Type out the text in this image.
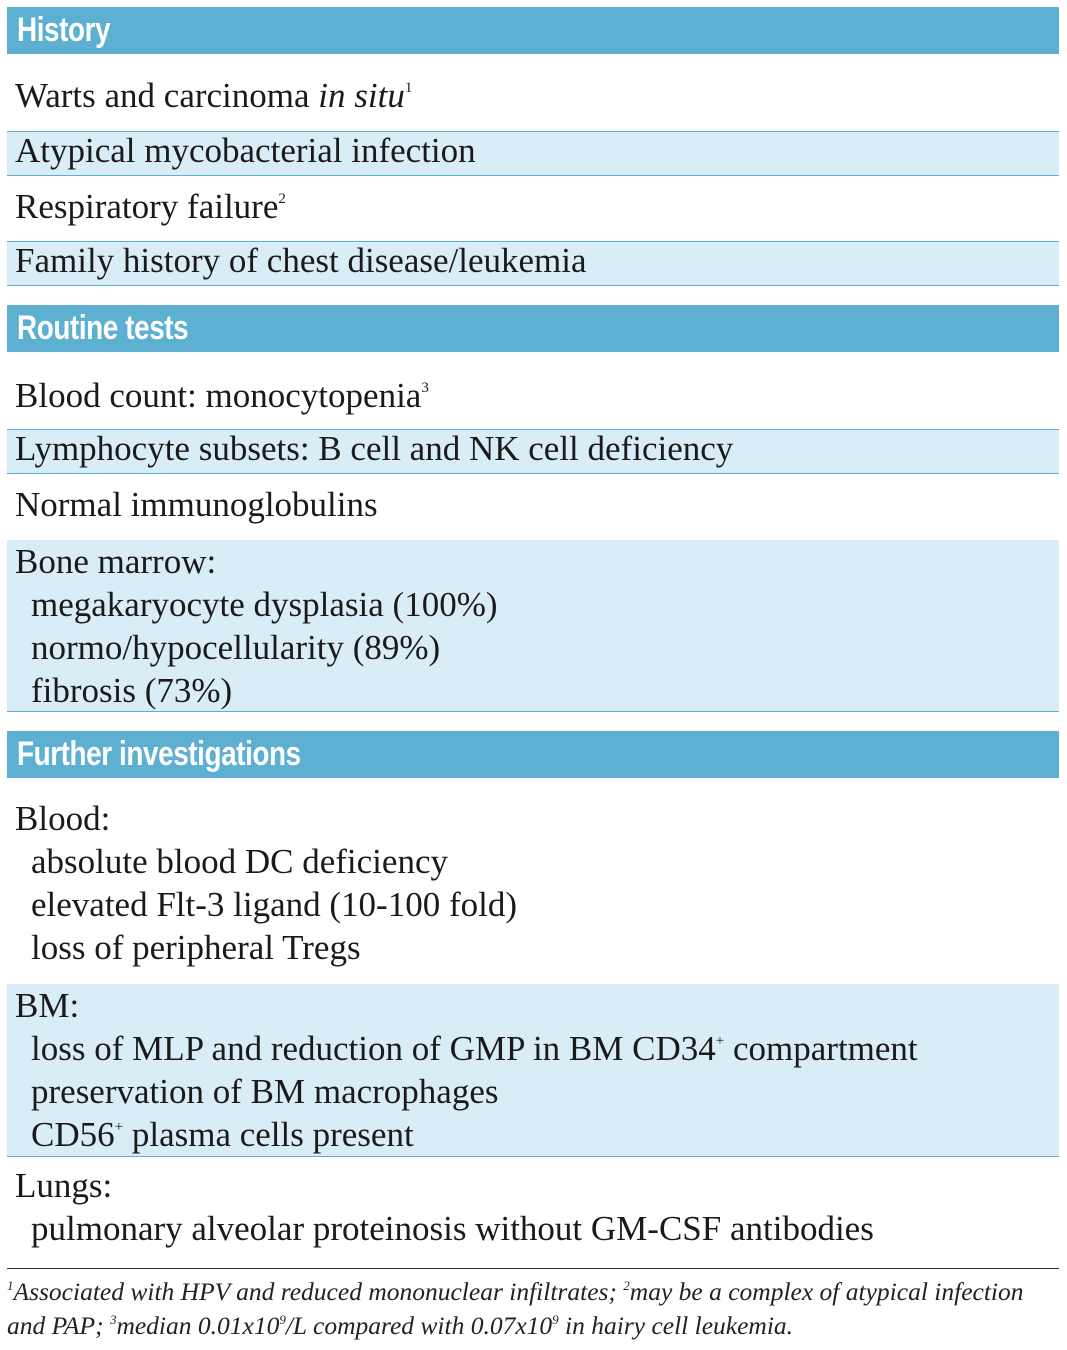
History
Warts and carcinoma in situ$^1$
Atypical mycobacterial infection
Respiratory failure$^2$
Family history of chest disease/leukemia
Routine tests
Blood count: monocytopenia$^3$
Lymphocyte subsets: B cell and NK cell deficiency
Normal immunoglobulins
Bone marrow:
megakaryocyte dysplasia (100%)
normo/hypocellularity (89%)
fibrosis (73%)
Further investigations
Blood:
absolute blood DC deficiency
elevated Flt-3 ligand (10-100 fold)
loss of peripheral Tregs
BM:
loss of MLP and reduction of GMP in BM CD34+ compartment
preservation of BM macrophages
CD56+ plasma cells present
Lungs:
pulmonary alveolar proteinosis without GM-CSF antibodies
$^1$Associated with HPV and reduced mononuclear infiltrates; $^2$may be a complex of atypical infection and PAP; $^3$median $0.01x10^9/L$ compared with $0.07x10^9$ in hairy cell leukemia.
